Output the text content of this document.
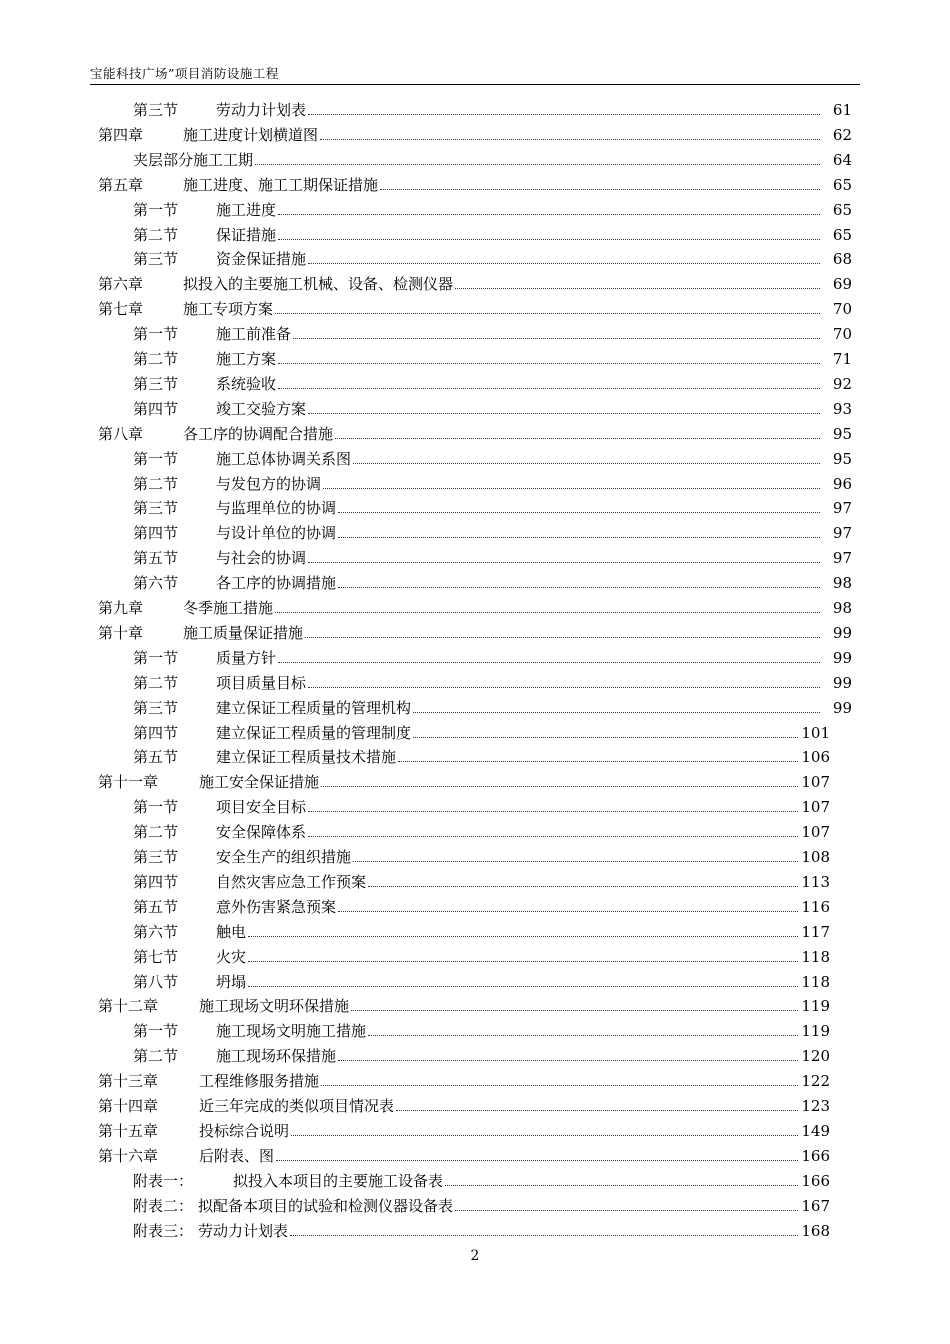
宝能科技广场”项目消防设施工程
第三节	劳动力计划表	61
第四章	施工进度计划横道图	62
夹层部分施工工期	64
第五章	施工进度、施工工期保证措施	65
第一节	施工进度	65
第二节	保证措施	65
第三节	资金保证措施	68
第六章	拟投入的主要施工机械、设备、检测仪器	69
第七章	施工专项方案	70
第一节	施工前准备	70
第二节	施工方案	71
第三节	系统验收	92
第四节	竣工交验方案	93
第八章	各工序的协调配合措施	95
第一节	施工总体协调关系图	95
第二节	与发包方的协调	96
第三节	与监理单位的协调	97
第四节	与设计单位的协调	97
第五节	与社会的协调	97
第六节	各工序的协调措施	98
第九章	冬季施工措施	98
第十章	施工质量保证措施	99
第一节	质量方针	99
第二节	项目质量目标	99
第三节	建立保证工程质量的管理机构	99
第四节	建立保证工程质量的管理制度	101
第五节	建立保证工程质量技术措施	106
第十一章	施工安全保证措施	107
第一节	项目安全目标	107
第二节	安全保障体系	107
第三节	安全生产的组织措施	108
第四节	自然灾害应急工作预案	113
第五节	意外伤害紧急预案	116
第六节	触电	117
第七节	火灾	118
第八节	坍塌	118
第十二章	施工现场文明环保措施	119
第一节	施工现场文明施工措施	119
第二节	施工现场环保措施	120
第十三章	工程维修服务措施	122
第十四章	近三年完成的类似项目情况表	123
第十五章	投标综合说明	149
第十六章	后附表、图	166
附表一：	拟投入本项目的主要施工设备表	166
附表二： 拟配备本项目的试验和检测仪器设备表	167
附表三： 劳动力计划表	168
2
